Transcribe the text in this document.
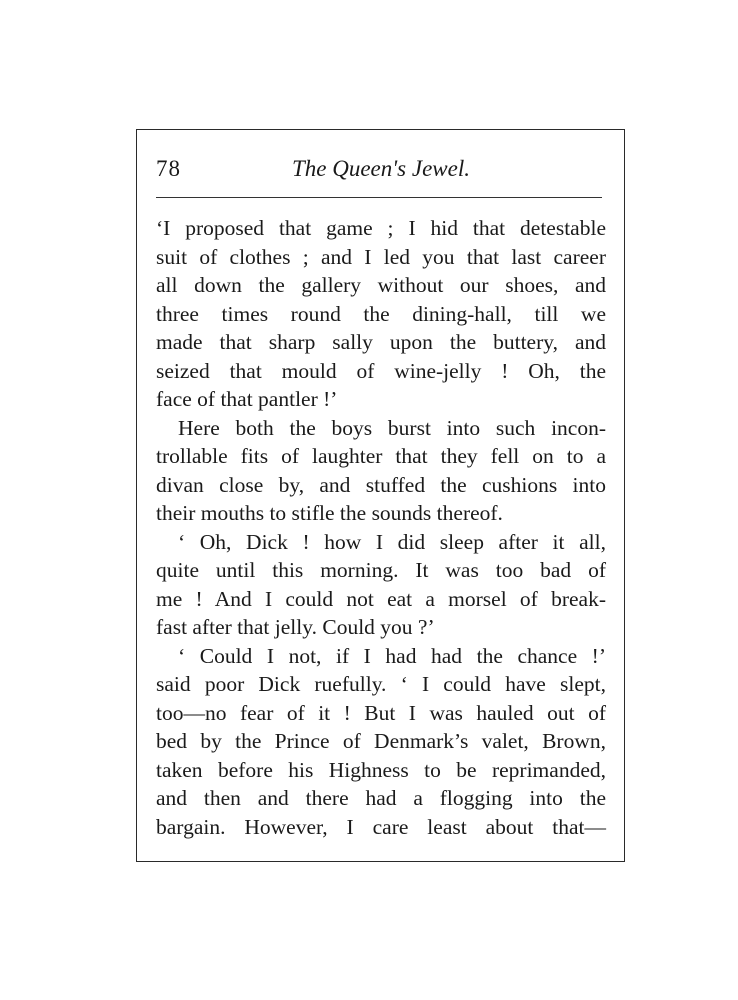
78	The Queen's Jewel.
‘I proposed that game ; I hid that detestable
suit of clothes ; and I led you that last career
all down the gallery without our shoes, and
three times round the dining-hall, till we
made that sharp sally upon the buttery, and
seized that mould of wine-jelly ! Oh, the
face of that pantler !’
Here both the boys burst into such incon-
trollable fits of laughter that they fell on to a
divan close by, and stuffed the cushions into
their mouths to stifle the sounds thereof.
‘ Oh, Dick ! how I did sleep after it all,
quite until this morning. It was too bad of
me ! And I could not eat a morsel of break-
fast after that jelly. Could you ?’
‘ Could I not, if I had had the chance !’
said poor Dick ruefully. ‘ I could have slept,
too—no fear of it ! But I was hauled out of
bed by the Prince of Denmark’s valet, Brown,
taken before his Highness to be reprimanded,
and then and there had a flogging into the
bargain. However, I care least about that—
